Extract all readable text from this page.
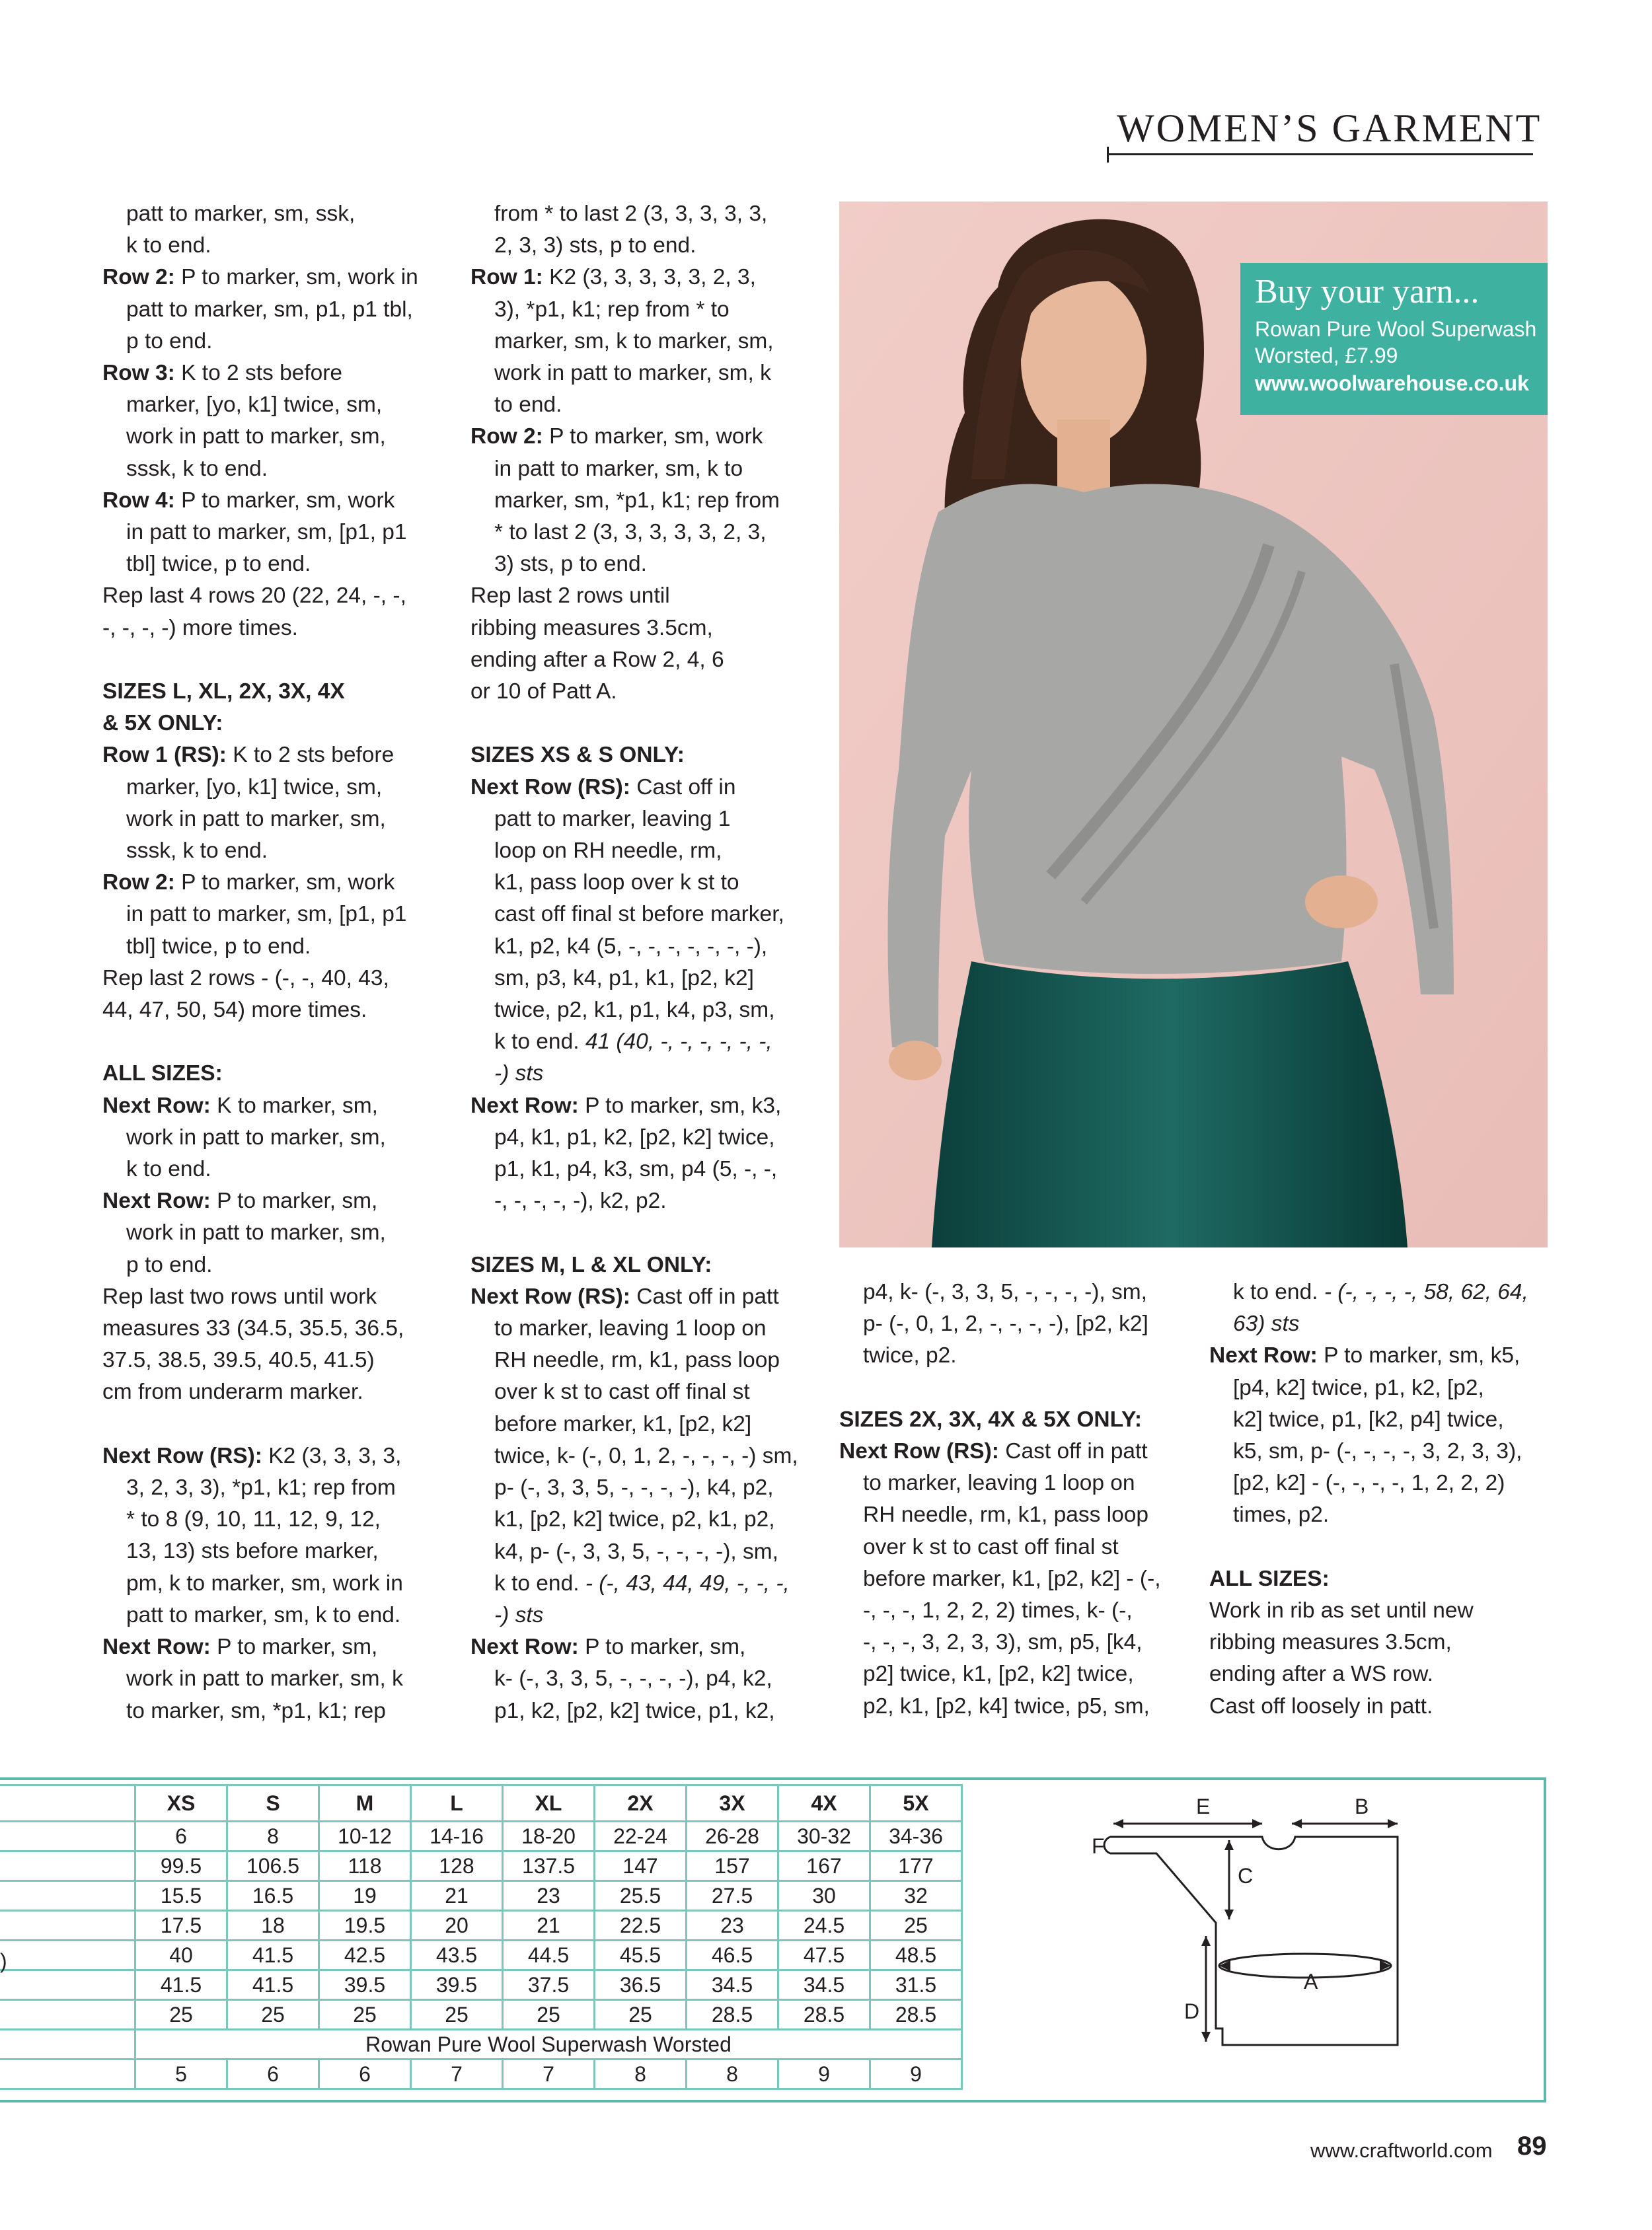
WOMEN’S GARMENT

patt to marker, sm, ssk,

k to end.

Row 2: P to marker, sm, work in

patt to marker, sm, p1, p1 tbl,

p to end.

Row 3: K to 2 sts before

marker, [yo, k1] twice, sm,

work in patt to marker, sm,

sssk, k to end.

Row 4: P to marker, sm, work

in patt to marker, sm, [p1, p1

tbl] twice, p to end.

Rep last 4 rows 20 (22, 24, -, -,

-, -, -, -) more times.

SIZES L, XL, 2X, 3X, 4X

& 5X ONLY:

Row 1 (RS): K to 2 sts before

marker, [yo, k1] twice, sm,

work in patt to marker, sm,

sssk, k to end.

Row 2: P to marker, sm, work

in patt to marker, sm, [p1, p1

tbl] twice, p to end.

Rep last 2 rows - (-, -, 40, 43,

44, 47, 50, 54) more times.

ALL SIZES:

Next Row: K to marker, sm,

work in patt to marker, sm,

k to end.

Next Row: P to marker, sm,

work in patt to marker, sm,

p to end.

Rep last two rows until work

measures 33 (34.5, 35.5, 36.5,

37.5, 38.5, 39.5, 40.5, 41.5)

cm from underarm marker.

Next Row (RS): K2 (3, 3, 3, 3,

3, 2, 3, 3), *p1, k1; rep from

* to 8 (9, 10, 11, 12, 9, 12,

13, 13) sts before marker,

pm, k to marker, sm, work in

patt to marker, sm, k to end.

Next Row: P to marker, sm,

work in patt to marker, sm, k

to marker, sm, *p1, k1; rep

from * to last 2 (3, 3, 3, 3, 3,

2, 3, 3) sts, p to end.

Row 1: K2 (3, 3, 3, 3, 3, 2, 3,

3), *p1, k1; rep from * to

marker, sm, k to marker, sm,

work in patt to marker, sm, k

to end.

Row 2: P to marker, sm, work

in patt to marker, sm, k to

marker, sm, *p1, k1; rep from

* to last 2 (3, 3, 3, 3, 3, 2, 3,

3) sts, p to end.

Rep last 2 rows until

ribbing measures 3.5cm,

ending after a Row 2, 4, 6

or 10 of Patt A.

SIZES XS & S ONLY:

Next Row (RS): Cast off in

patt to marker, leaving 1

loop on RH needle, rm,

k1, pass loop over k st to

cast off final st before marker,

k1, p2, k4 (5, -, -, -, -, -, -, -),

sm, p3, k4, p1, k1, [p2, k2]

twice, p2, k1, p1, k4, p3, sm,

k to end. 41 (40, -, -, -, -, -, -,

-) sts

Next Row: P to marker, sm, k3,

p4, k1, p1, k2, [p2, k2] twice,

p1, k1, p4, k3, sm, p4 (5, -, -,

-, -, -, -, -), k2, p2.

SIZES M, L & XL ONLY:

Next Row (RS): Cast off in patt

to marker, leaving 1 loop on

RH needle, rm, k1, pass loop

over k st to cast off final st

before marker, k1, [p2, k2]

twice, k- (-, 0, 1, 2, -, -, -, -) sm,

p- (-, 3, 3, 5, -, -, -, -), k4, p2,

k1, [p2, k2] twice, p2, k1, p2,

k4, p- (-, 3, 3, 5, -, -, -, -), sm,

k to end. - (-, 43, 44, 49, -, -, -,

-) sts

Next Row: P to marker, sm,

k- (-, 3, 3, 5, -, -, -, -), p4, k2,

p1, k2, [p2, k2] twice, p1, k2,

Buy your yarn...
Rowan Pure Wool Superwash Worsted, £7.99
www.woolwarehouse.co.uk

p4, k- (-, 3, 3, 5, -, -, -, -), sm,

p- (-, 0, 1, 2, -, -, -, -), [p2, k2]

twice, p2.

SIZES 2X, 3X, 4X & 5X ONLY:

Next Row (RS): Cast off in patt

to marker, leaving 1 loop on

RH needle, rm, k1, pass loop

over k st to cast off final st

before marker, k1, [p2, k2] - (-,

-, -, -, 1, 2, 2, 2) times, k- (-,

-, -, -, 3, 2, 3, 3), sm, p5, [k4,

p2] twice, k1, [p2, k2] twice,

p2, k1, [p2, k4] twice, p5, sm,

k to end. - (-, -, -, -, 58, 62, 64,

63) sts

Next Row: P to marker, sm, k5,

[p4, k2] twice, p1, k2, [p2,

k2] twice, p1, [k2, p4] twice,

k5, sm, p- (-, -, -, -, 3, 2, 3, 3),

[p2, k2] - (-, -, -, -, 1, 2, 2, 2)

times, p2.

ALL SIZES:

Work in rib as set until new

ribbing measures 3.5cm,

ending after a WS row.

Cast off loosely in patt.

	XS	S	M	L	XL	2X	3X	4X	5X
	6	8	10-12	14-16	18-20	22-24	26-28	30-32	34-36
	99.5	106.5	118	128	137.5	147	157	167	177
	15.5	16.5	19	21	23	25.5	27.5	30	32
	17.5	18	19.5	20	21	22.5	23	24.5	25
	40	41.5	42.5	43.5	44.5	45.5	46.5	47.5	48.5
	41.5	41.5	39.5	39.5	37.5	36.5	34.5	34.5	31.5
	25	25	25	25	25	25	28.5	28.5	28.5
	Rowan Pure Wool Superwash Worsted								
	5	6	6	7	7	8	8	9	9
)
E	B
F
C
A
D
www.craftworld.com 89
